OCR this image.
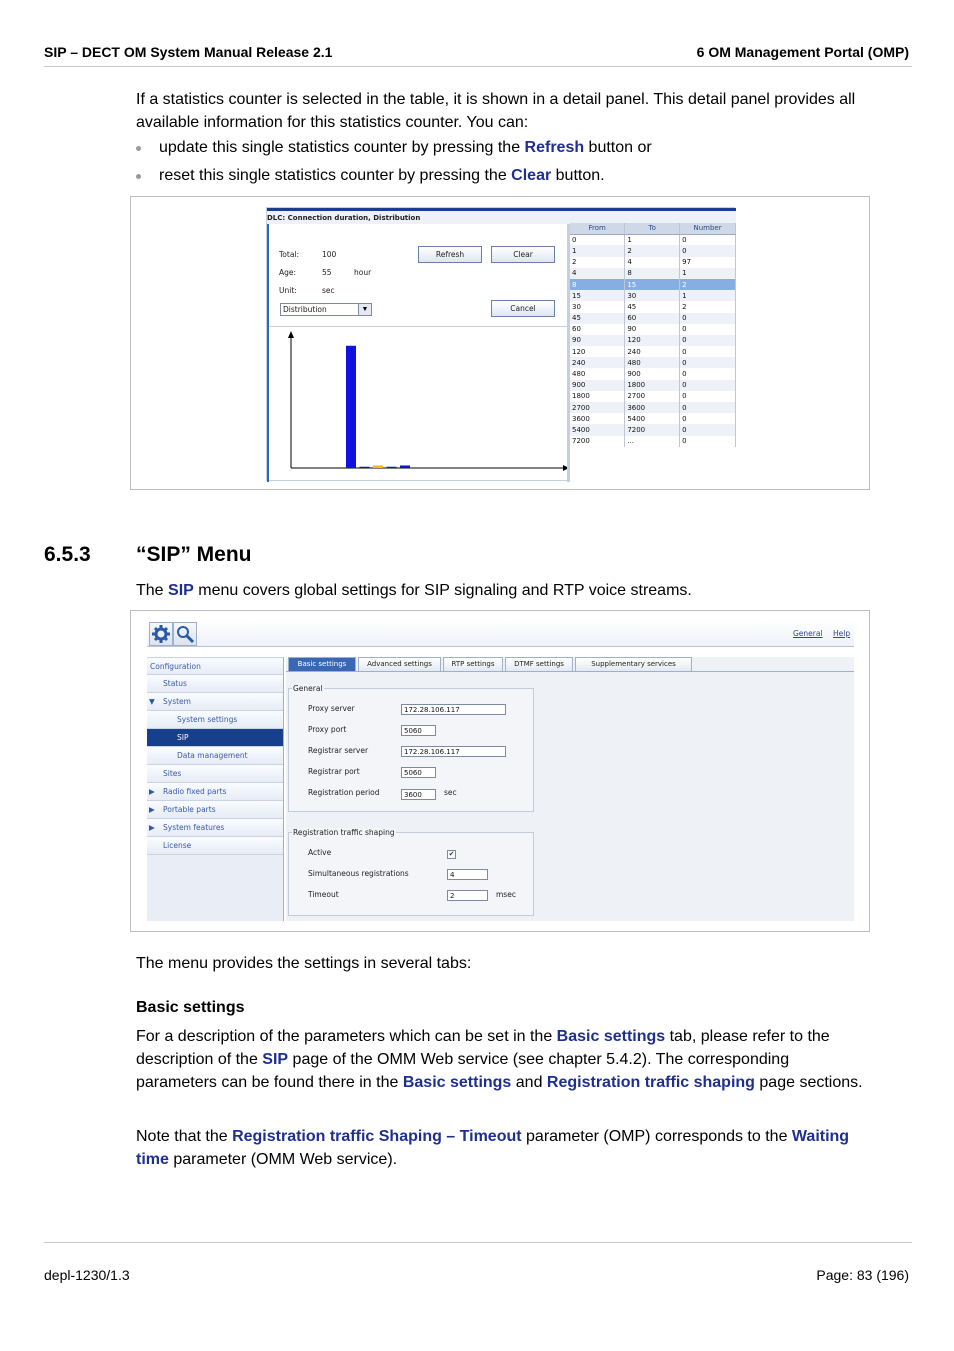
SIP – DECT OM System Manual Release 2.1	6 OM Management Portal (OMP)

If a statistics counter is selected in the table, it is shown in a detail panel. This detail panel provides all available information for this statistics counter. You can:

update this single statistics counter by pressing the Refresh button or
reset this single statistics counter by pressing the Clear button.
DLC: Connection duration, Distribution
Total:	100
Age:	55	hour
Unit:	sec
Distribution	▼
Refresh	Clear
Cancel
From	To	Number
0	1	0
1	2	0
2	4	97
4	8	1
8	15	2
15	30	1
30	45	2
45	60	0
60	90	0
90	120	0
120	240	0
240	480	0
480	900	0
900	1800	0
1800	2700	0
2700	3600	0
3600	5400	0
5400	7200	0
7200	...	0
6.5.3 “SIP” Menu

The SIP menu covers global settings for SIP signaling and RTP voice streams.

General Help
Configuration
Status
▼ System
System settings
SIP
Data management
Sites
▶ Radio fixed parts
▶ Portable parts
▶ System features
License
Basic settings	Advanced settings	RTP settings	DTMF settings	Supplementary services
General
Proxy server	172.28.106.117
Proxy port	5060
Registrar server	172.28.106.117
Registrar port	5060
Registration period	3600	sec
Registration traffic shaping
Active	✔
Simultaneous registrations	4
Timeout	2	msec

The menu provides the settings in several tabs:

Basic settings

For a description of the parameters which can be set in the Basic settings tab, please refer to the description of the SIP page of the OMM Web service (see chapter 5.4.2). The corresponding parameters can be found there in the Basic settings and Registration traffic shaping page sections.

Note that the Registration traffic Shaping – Timeout parameter (OMP) corresponds to the Waiting time parameter (OMM Web service).

depl-1230/1.3	Page: 83 (196)
